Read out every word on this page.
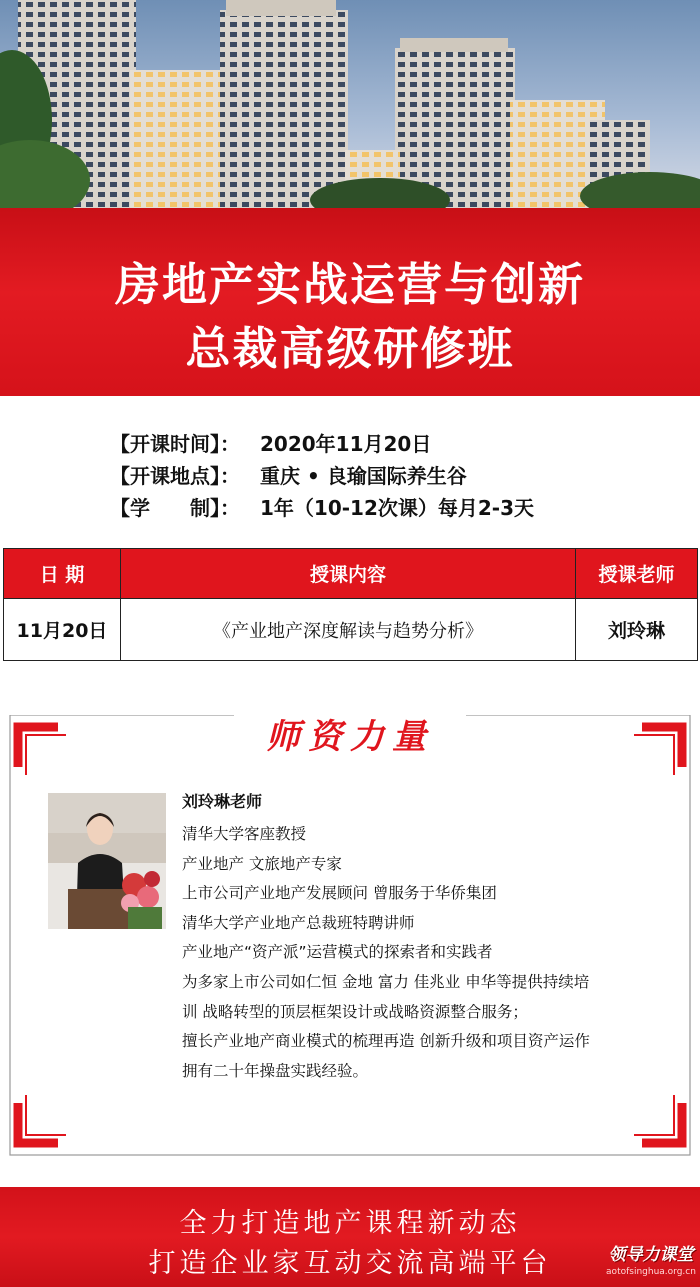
房地产实战运营与创新
总裁高级研修班
【开课时间】： 2020年11月20日
【开课地点】： 重庆 • 良瑜国际养生谷
【学　　制】： 1年（10-12次课）每月2-3天
日 期	授课内容	授课老师
11月20日	《产业地产深度解读与趋势分析》	刘玲琳
师资力量
刘玲琳老师
清华大学客座教授
产业地产 文旅地产专家
上市公司产业地产发展顾问 曾服务于华侨集团
清华大学产业地产总裁班特聘讲师
产业地产“资产派”运营模式的探索者和实践者
为多家上市公司如仁恒 金地 富力 佳兆业 申华等提供持续培
训 战略转型的顶层框架设计或战略资源整合服务；
擅长产业地产商业模式的梳理再造 创新升级和项目资产运作
拥有二十年操盘实践经验。
全力打造地产课程新动态
打造企业家互动交流高端平台	领导力课堂
aotofsinghua.org.cn
